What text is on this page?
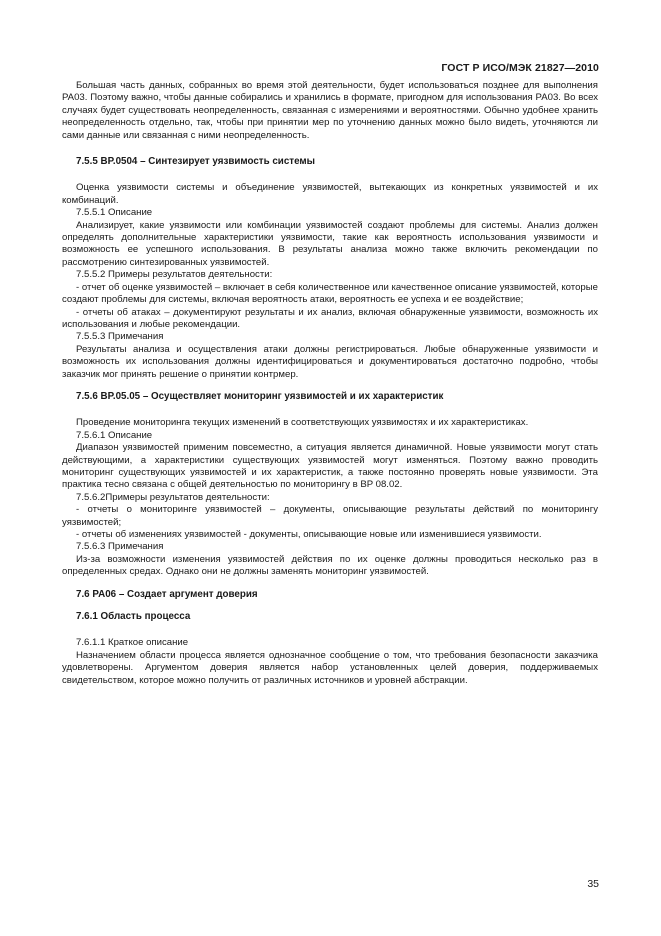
ГОСТ Р ИСО/МЭК 21827—2010

Большая часть данных, собранных во время этой деятельности, будет использоваться позднее для выполнения PA03. Поэтому важно, чтобы данные собирались и хранились в формате, пригодном для использования PA03. Во всех случаях будет существовать неопределенность, связанная с измерениями и вероятностями. Обычно удобнее хранить неопределенность отдельно, так, чтобы при принятии мер по уточнению данных можно было видеть, уточняются ли сами данные или связанная с ними неопределенность.

7.5.5 BP.0504 – Синтезирует уязвимость системы

Оценка уязвимости системы и объединение уязвимостей, вытекающих из конкретных уязвимостей и их комбинаций.

7.5.5.1 Описание

Анализирует, какие уязвимости или комбинации уязвимостей создают проблемы для системы. Анализ должен определять дополнительные характеристики уязвимости, такие как вероятность использования уязвимости и возможность ее успешного использования. В результаты анализа можно также включить рекомендации по рассмотрению синтезированных уязвимостей.

7.5.5.2 Примеры результатов деятельности:

- отчет об оценке уязвимостей – включает в себя количественное или качественное описание уязвимостей, которые создают проблемы для системы, включая вероятность атаки, вероятность ее успеха и ее воздействие;

- отчеты об атаках – документируют результаты и их анализ, включая обнаруженные уязвимости, возможность их использования и любые рекомендации.

7.5.5.3 Примечания

Результаты анализа и осуществления атаки должны регистрироваться. Любые обнаруженные уязвимости и возможность их использования должны идентифицироваться и документироваться достаточно подробно, чтобы заказчик мог принять решение о принятии контрмер.

7.5.6 BP.05.05 – Осуществляет мониторинг уязвимостей и их характеристик

Проведение мониторинга текущих изменений в соответствующих уязвимостях и их характеристиках.

7.5.6.1 Описание

Диапазон уязвимостей применим повсеместно, а ситуация является динамичной. Новые уязвимости могут стать действующими, а характеристики существующих уязвимостей могут изменяться. Поэтому важно проводить мониторинг существующих уязвимостей и их характеристик, а также постоянно проверять новые уязвимости. Эта практика тесно связана с общей деятельностью по мониторингу в BP 08.02.

7.5.6.2Примеры результатов деятельности:

- отчеты о мониторинге уязвимостей – документы, описывающие результаты действий по мониторингу уязвимостей;

- отчеты об изменениях уязвимостей - документы, описывающие новые или изменившиеся уязвимости.

7.5.6.3 Примечания

Из-за возможности изменения уязвимостей действия по их оценке должны проводиться несколько раз в определенных средах. Однако они не должны заменять мониторинг уязвимостей.

7.6 PA06 – Создает аргумент доверия

7.6.1 Область процесса

7.6.1.1 Краткое описание

Назначением области процесса является однозначное сообщение о том, что требования безопасности заказчика удовлетворены. Аргументом доверия является набор установленных целей доверия, поддерживаемых свидетельством, которое можно получить от различных источников и уровней абстракции.

35
